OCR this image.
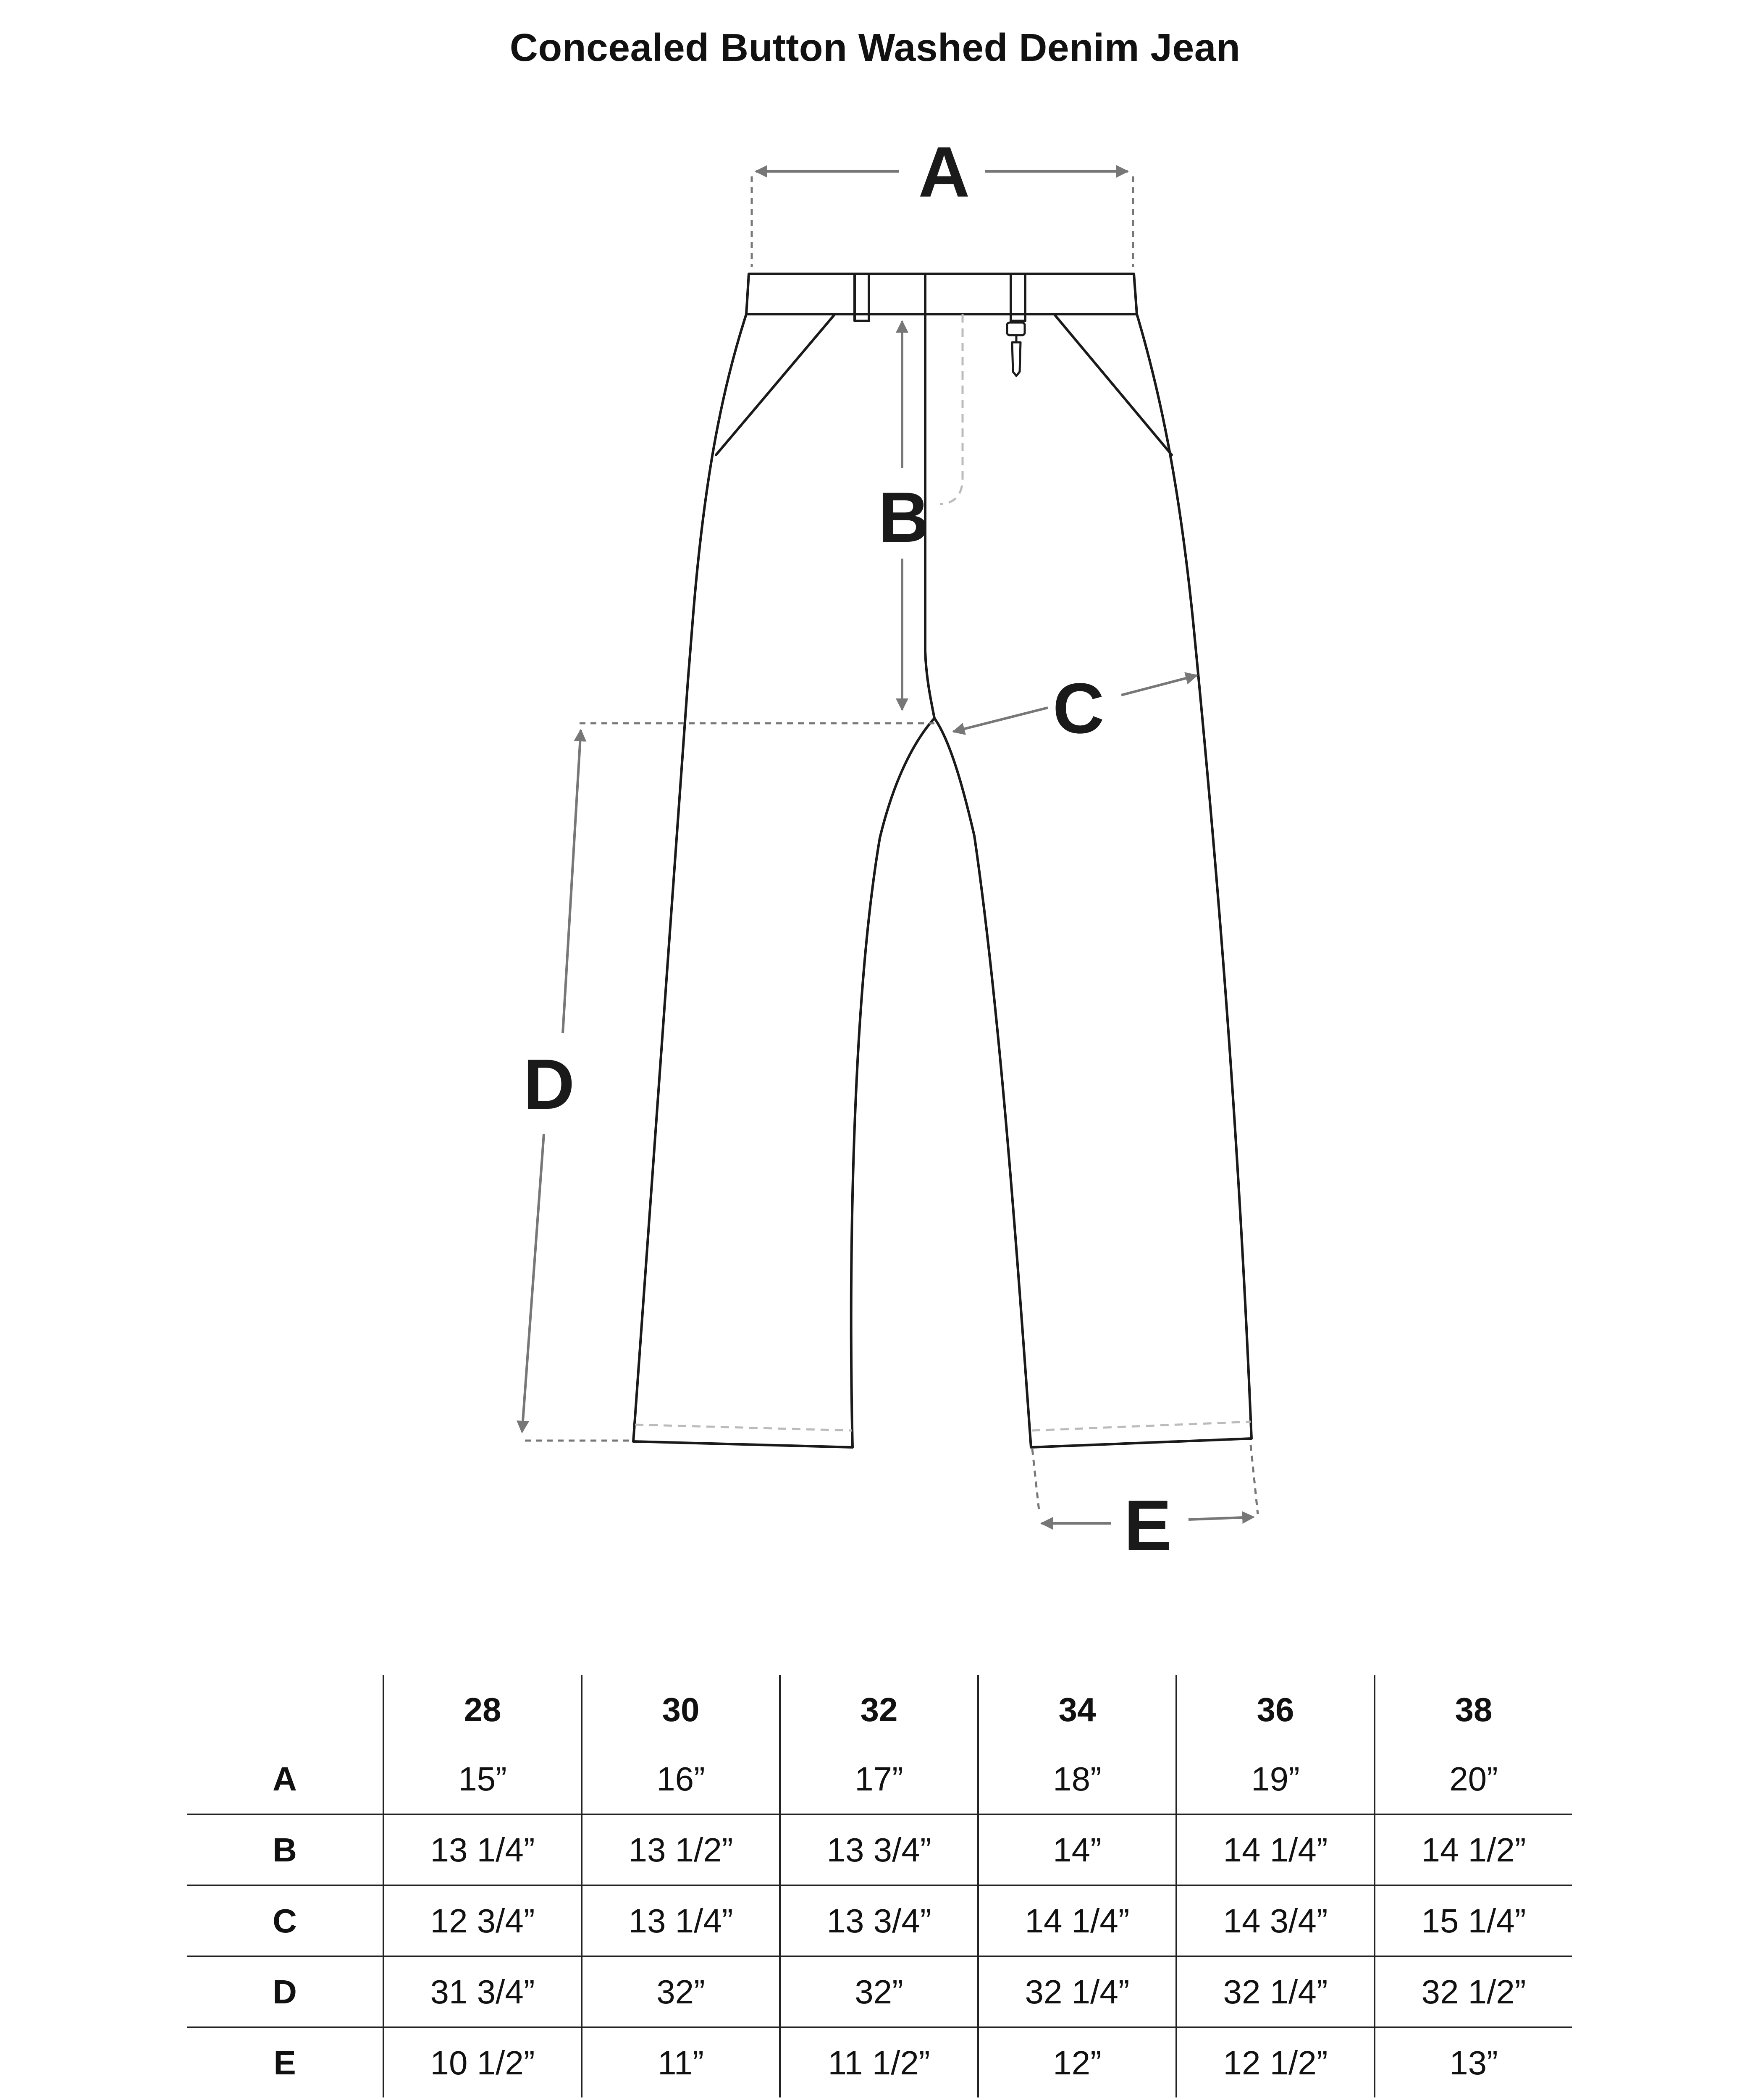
Concealed Button Washed Denim Jean
A
B
C
D
E
	28	30	32	34	36	38
A	15”	16”	17”	18”	19”	20”
B	13 1/4”	13 1/2”	13 3/4”	14”	14 1/4”	14 1/2”
C	12 3/4”	13 1/4”	13 3/4”	14 1/4”	14 3/4”	15 1/4”
D	31 3/4”	32”	32”	32 1/4”	32 1/4”	32 1/2”
E	10 1/2”	11”	11 1/2”	12”	12 1/2”	13”
